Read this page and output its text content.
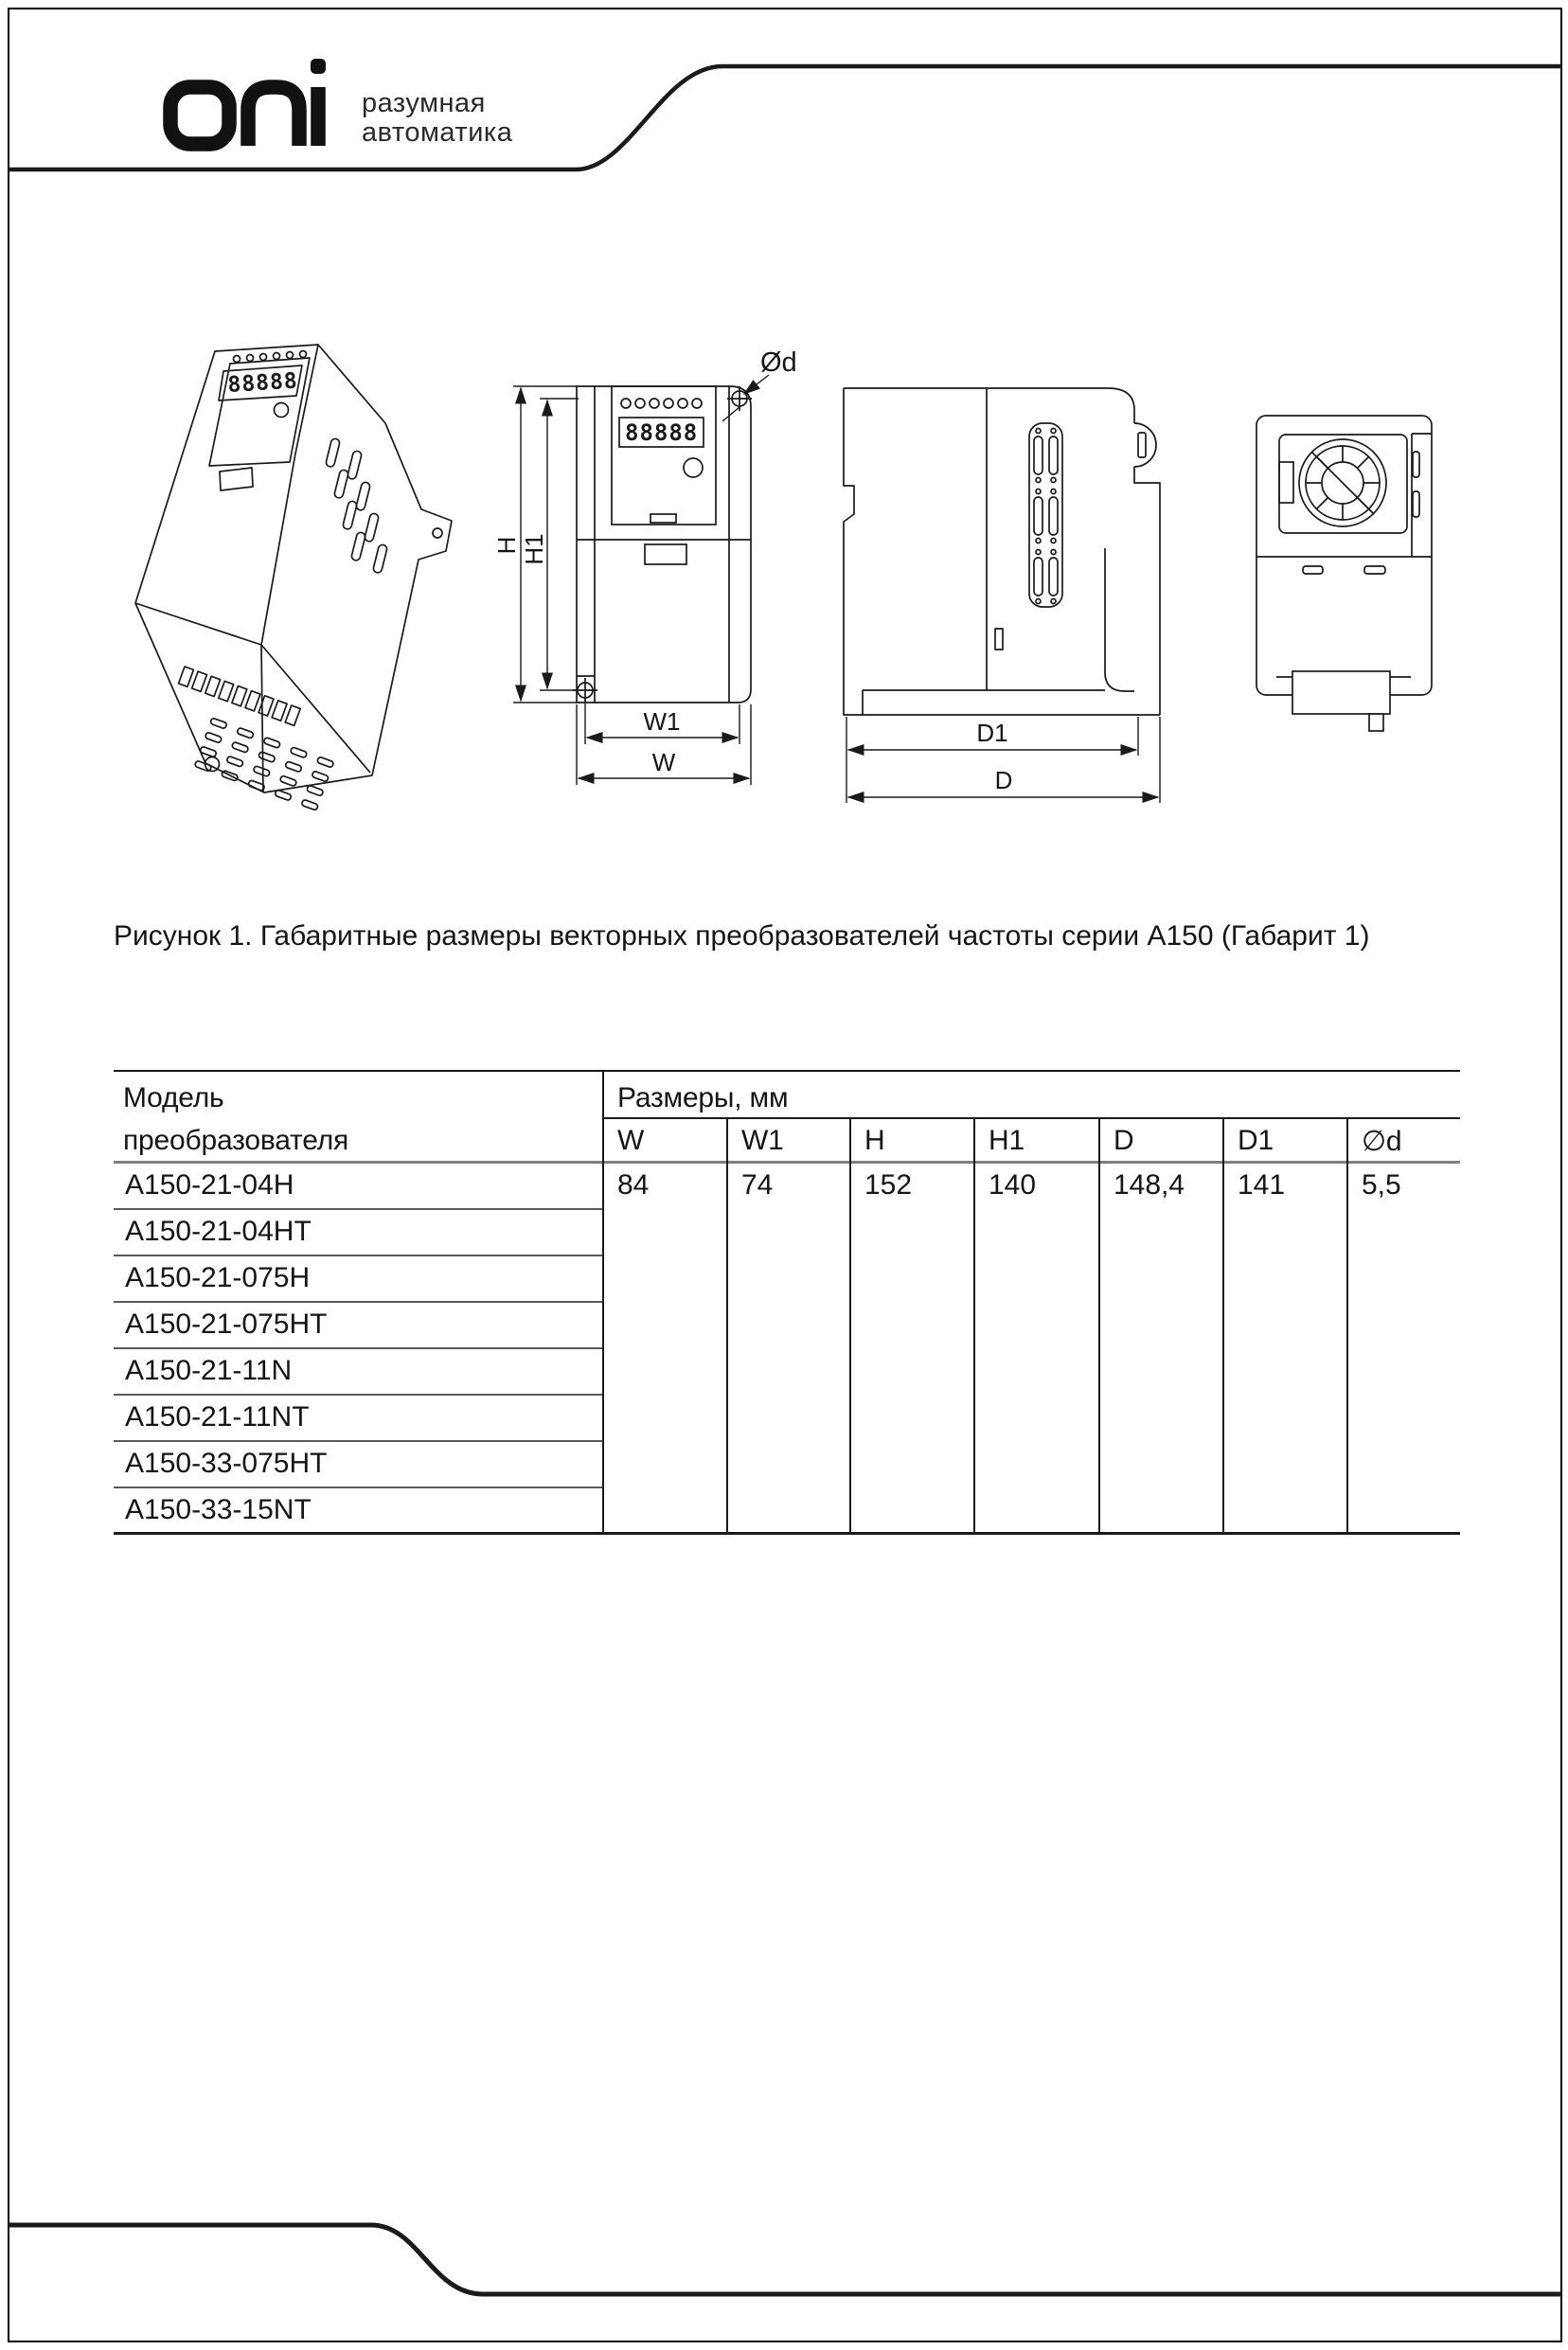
разумная
автоматика
88888
H H1
W1
W
Ød
88888
D1
D
Рисунок 1. Габаритные размеры векторных преобразователей частоты серии А150 (Габарит 1)
Модель
преобразователя
Размеры, мм
W	W1	H	H1	D	D1	∅d
A150-21-04H
A150-21-04HT
A150-21-075H
A150-21-075HT
A150-21-11N
A150-21-11NT
A150-33-075HT
A150-33-15NT
84	74	152	140	148,4 141	5,5
